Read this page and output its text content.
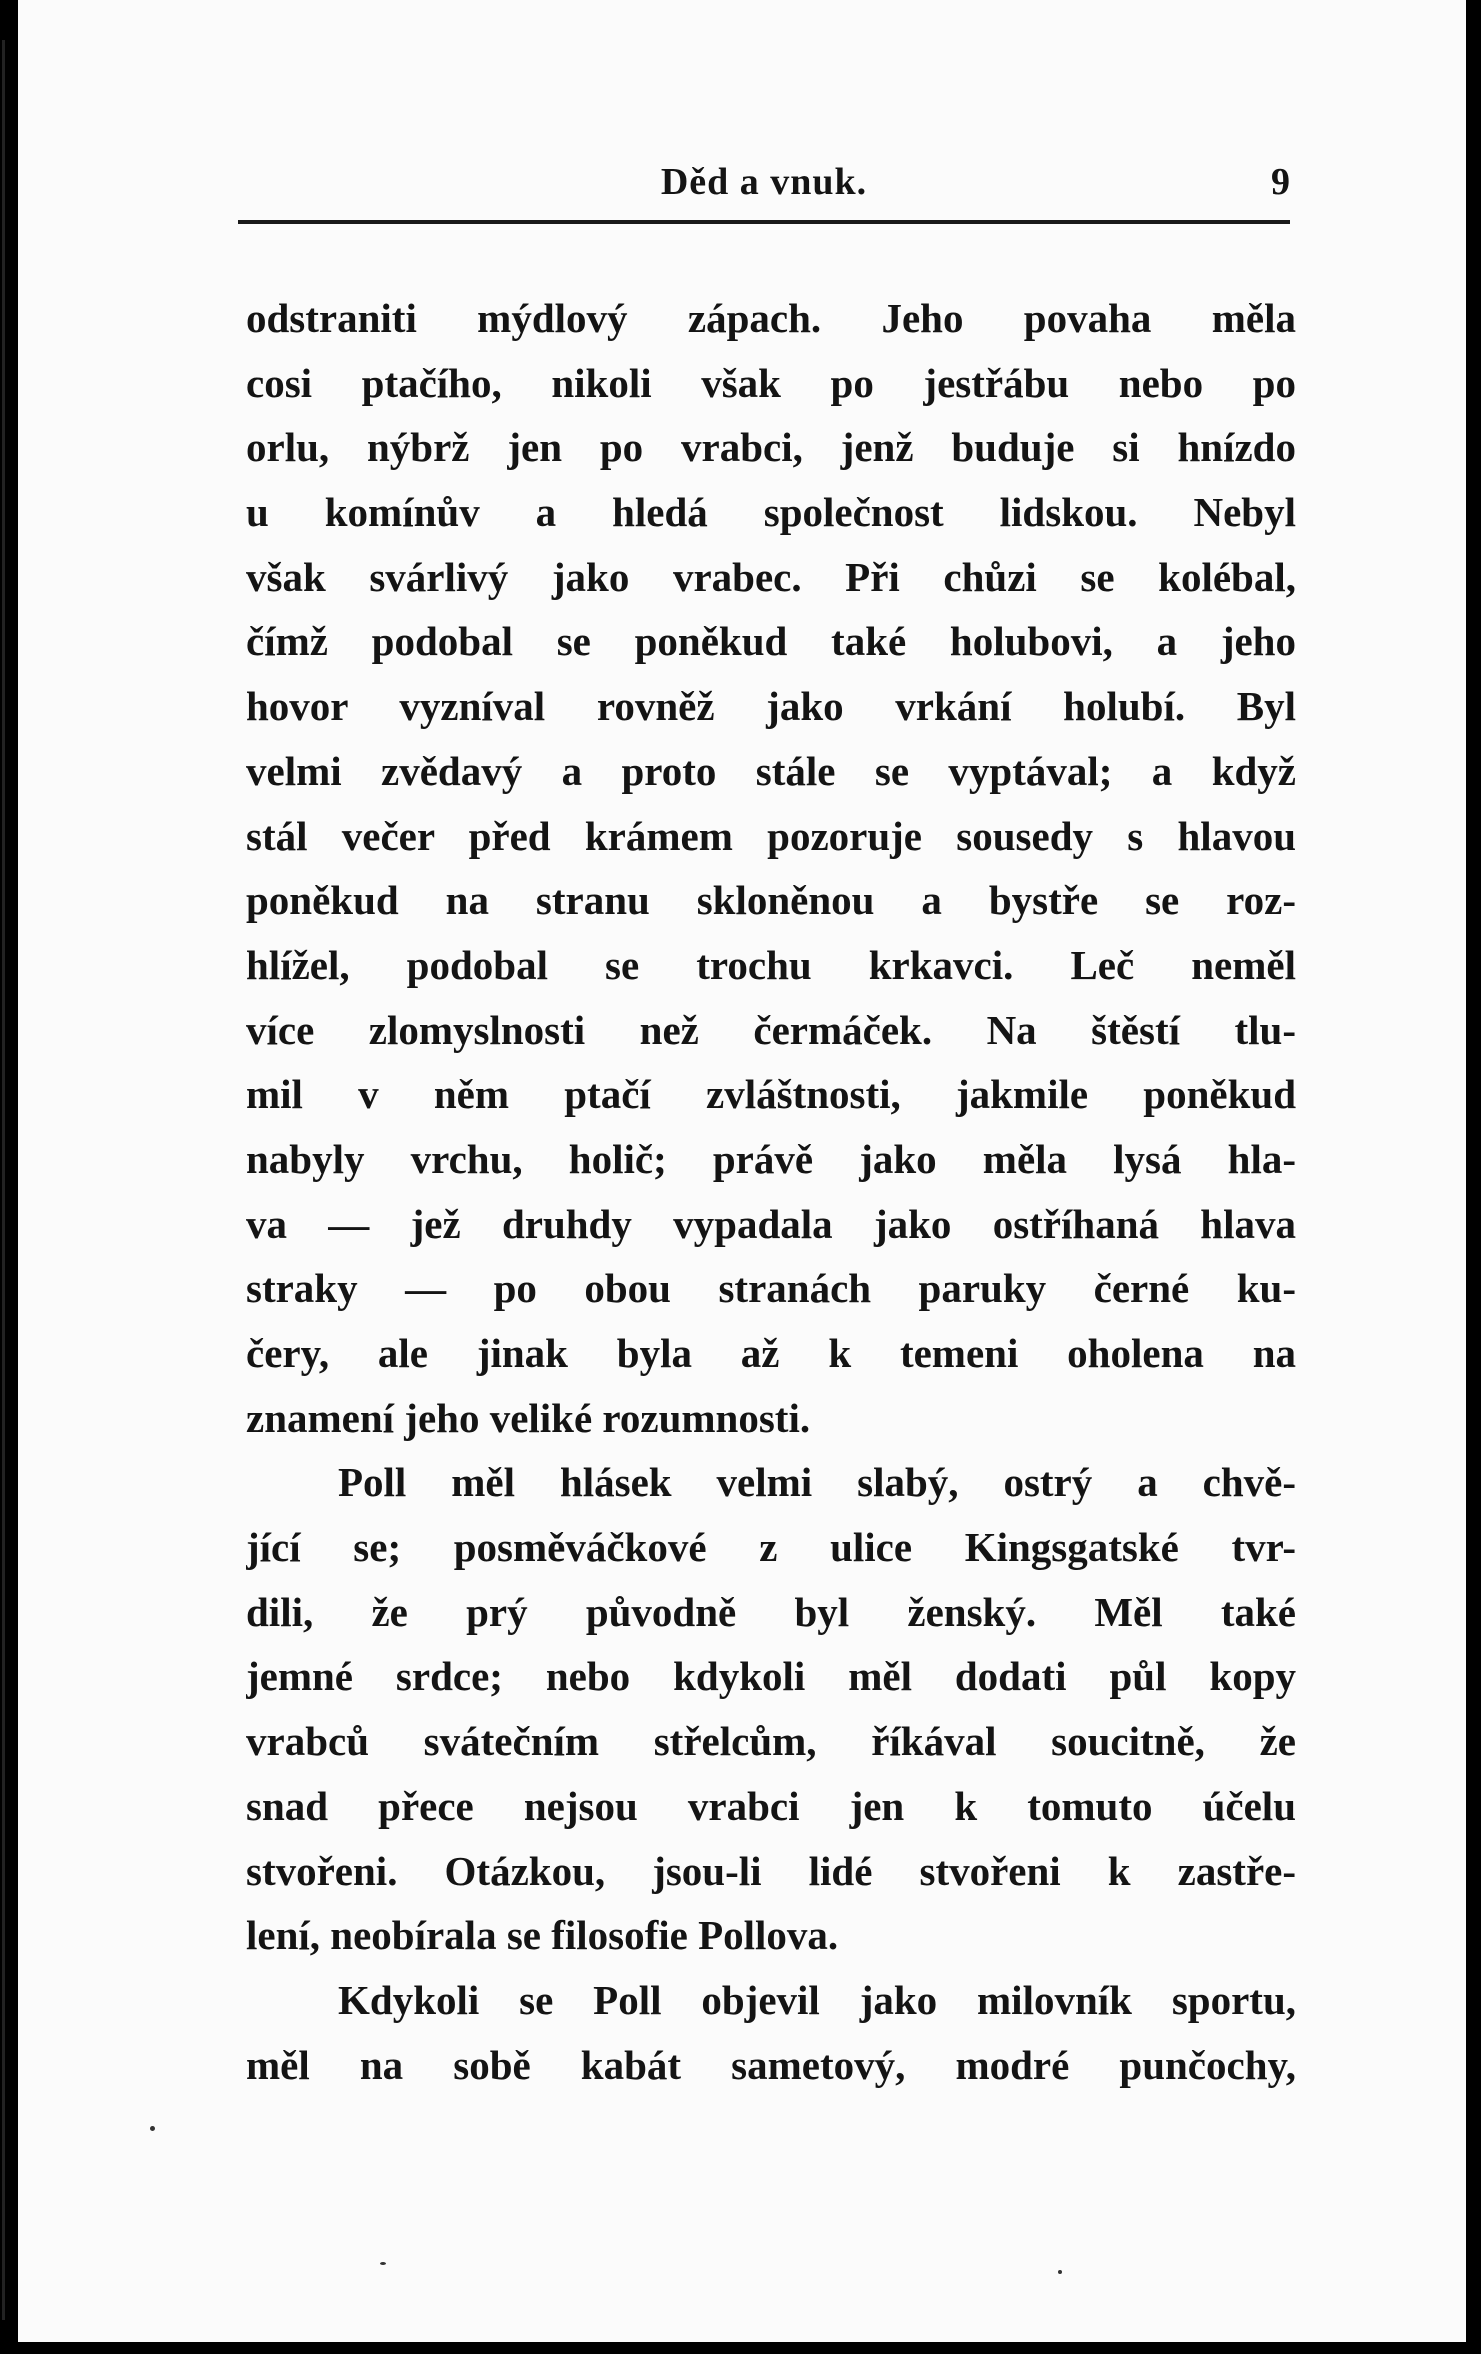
Děd a vnuk.	9
odstraniti mýdlový zápach. Jeho povaha měla
cosi ptačího, nikoli však po jestřábu nebo po
orlu, nýbrž jen po vrabci, jenž buduje si hnízdo
u komínův a hledá společnost lidskou. Nebyl
však svárlivý jako vrabec. Při chůzi se kolébal,
čímž podobal se poněkud také holubovi, a jeho
hovor vyzníval rovněž jako vrkání holubí. Byl
velmi zvědavý a proto stále se vyptával; a když
stál večer před krámem pozoruje sousedy s hlavou
poněkud na stranu skloněnou a bystře se roz-
hlížel, podobal se trochu krkavci. Leč neměl
více zlomyslnosti než čermáček. Na štěstí tlu-
mil v něm ptačí zvláštnosti, jakmile poněkud
nabyly vrchu, holič; právě jako měla lysá hla-
va — jež druhdy vypadala jako ostříhaná hlava
straky — po obou stranách paruky černé ku-
čery, ale jinak byla až k temeni oholena na
znamení jeho veliké rozumnosti.
Poll měl hlásek velmi slabý, ostrý a chvě-
jící se; posměváčkové z ulice Kingsgatské tvr-
dili, že prý původně byl ženský. Měl také
jemné srdce; nebo kdykoli měl dodati půl kopy
vrabců svátečním střelcům, říkával soucitně, že
snad přece nejsou vrabci jen k tomuto účelu
stvořeni. Otázkou, jsou-li lidé stvořeni k zastře-
lení, neobírala se filosofie Pollova.
Kdykoli se Poll objevil jako milovník sportu,
měl na sobě kabát sametový, modré punčochy,
